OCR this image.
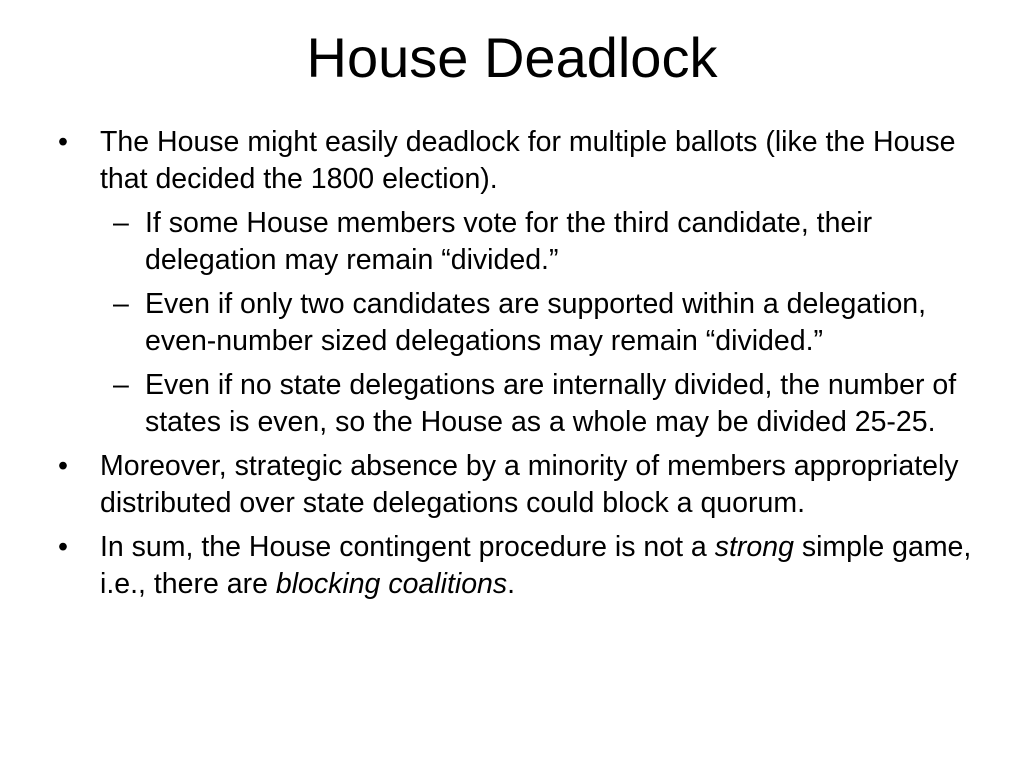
House Deadlock
• The House might easily deadlock for multiple ballots (like the House that decided the 1800 election).
– If some House members vote for the third candidate, their delegation may remain “divided.”
– Even if only two candidates are supported within a delegation, even-number sized delegations may remain “divided.”
– Even if no state delegations are internally divided, the number of states is even, so the House as a whole may be divided 25-25.
• Moreover, strategic absence by a minority of members appropriately distributed over state delegations could block a quorum.
• In sum, the House contingent procedure is not a strong simple game, i.e., there are blocking coalitions.
